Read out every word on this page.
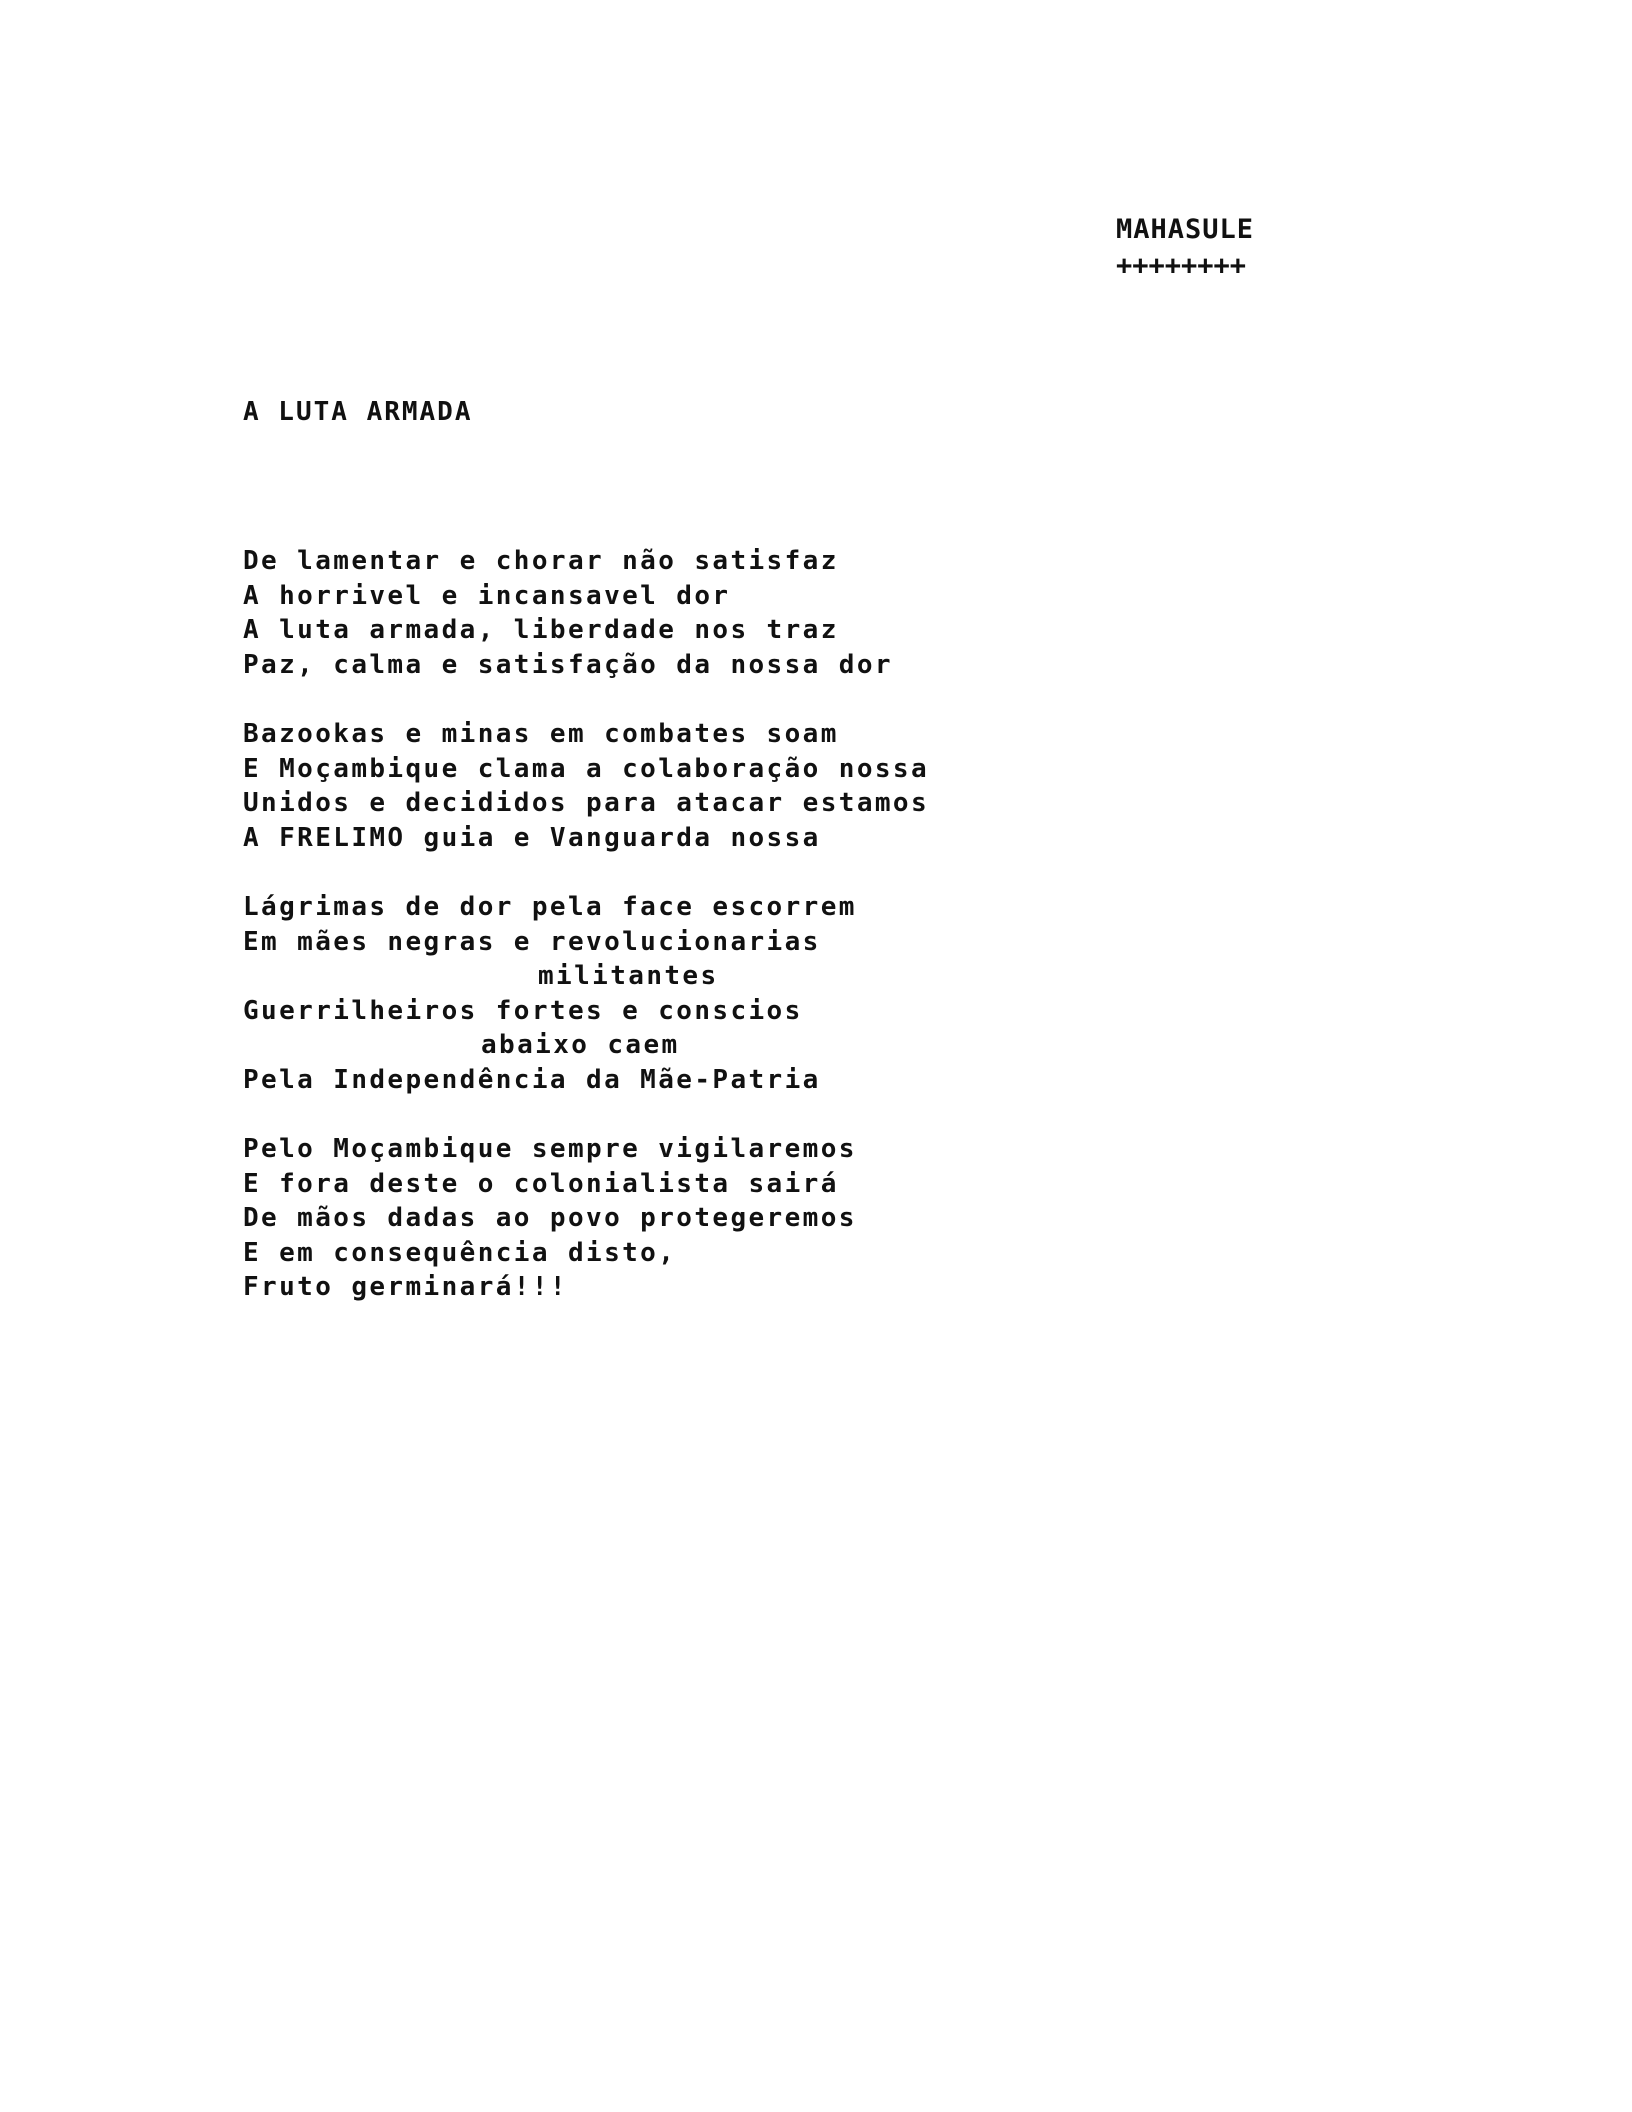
MAHASULE
++++++++
A LUTA ARMADA
De lamentar e chorar não satisfaz
A horrivel e incansavel dor
A luta armada, liberdade nos traz
Paz, calma e satisfação da nossa dor
Bazookas e minas em combates soam
E Moçambique clama a colaboração nossa
Unidos e decididos para atacar estamos
A FRELIMO guia e Vanguarda nossa
Lágrimas de dor pela face escorrem
Em mães negras e revolucionarias
militantes
Guerrilheiros fortes e conscios
abaixo caem
Pela Independência da Mãe-Patria
Pelo Moçambique sempre vigilaremos
E fora deste o colonialista sairá
De mãos dadas ao povo protegeremos
E em consequência disto,
Fruto germinará!!!
